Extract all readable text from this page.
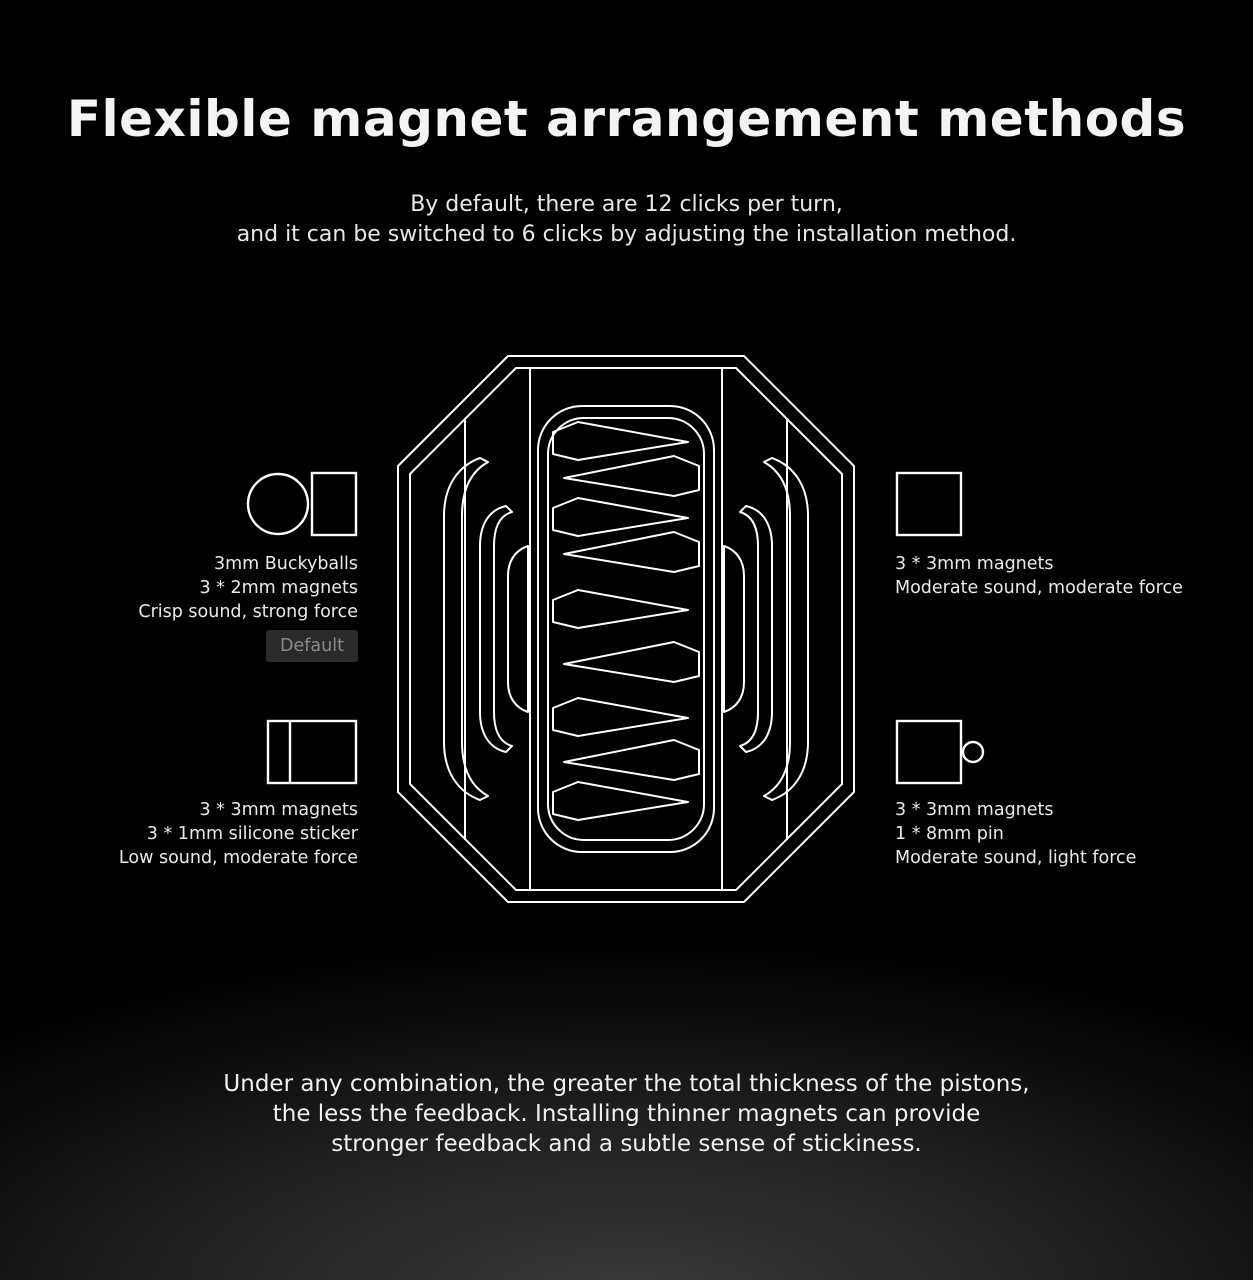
Flexible magnet arrangement methods
By default, there are 12 clicks per turn,
and it can be switched to 6 clicks by adjusting the installation method.
3mm Buckyballs
3 * 2mm magnets
Crisp sound, strong force
Default
3 * 3mm magnets
Moderate sound, moderate force
3 * 3mm magnets
3 * 1mm silicone sticker
Low sound, moderate force
3 * 3mm magnets
1 * 8mm pin
Moderate sound, light force
Under any combination, the greater the total thickness of the pistons,
the less the feedback. Installing thinner magnets can provide
stronger feedback and a subtle sense of stickiness.
